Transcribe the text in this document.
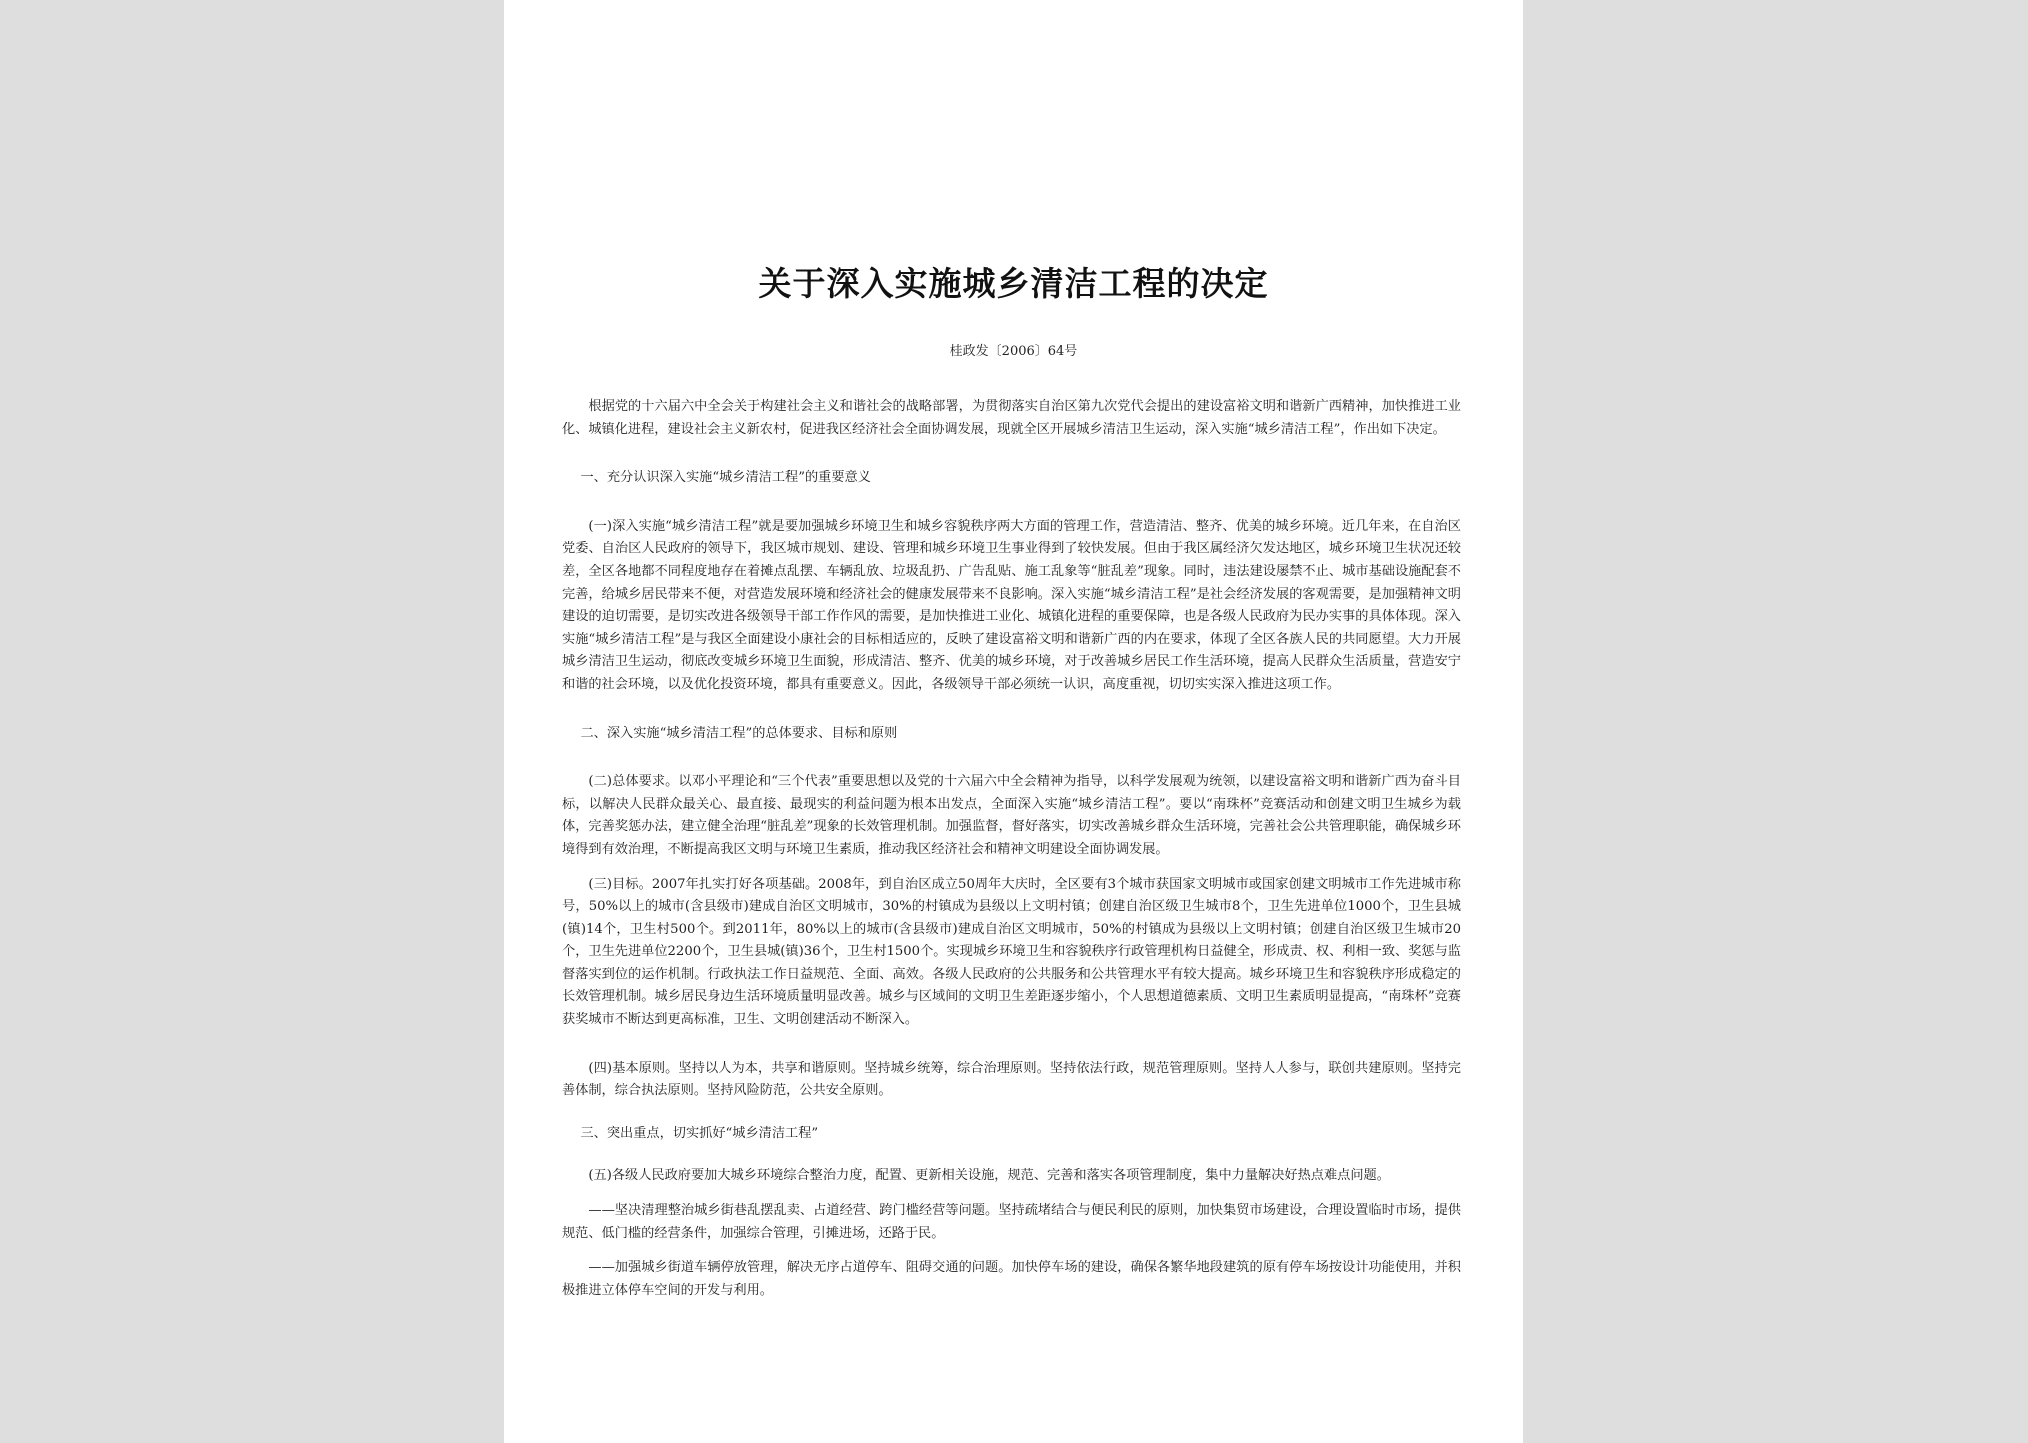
关于深入实施城乡清洁工程的决定
桂政发〔2006〕64号

根据党的十六届六中全会关于构建社会主义和谐社会的战略部署，为贯彻落实自治区第九次党代会提出的建设富裕文明和谐新广西精神，加快推进工业化、城镇化进程，建设社会主义新农村，促进我区经济社会全面协调发展，现就全区开展城乡清洁卫生运动，深入实施“城乡清洁工程”，作出如下决定。

一、充分认识深入实施“城乡清洁工程”的重要意义

(一)深入实施“城乡清洁工程”就是要加强城乡环境卫生和城乡容貌秩序两大方面的管理工作，营造清洁、整齐、优美的城乡环境。近几年来，在自治区党委、自治区人民政府的领导下，我区城市规划、建设、管理和城乡环境卫生事业得到了较快发展。但由于我区属经济欠发达地区，城乡环境卫生状况还较差，全区各地都不同程度地存在着摊点乱摆、车辆乱放、垃圾乱扔、广告乱贴、施工乱象等“脏乱差”现象。同时，违法建设屡禁不止、城市基础设施配套不完善，给城乡居民带来不便，对营造发展环境和经济社会的健康发展带来不良影响。深入实施“城乡清洁工程”是社会经济发展的客观需要，是加强精神文明建设的迫切需要，是切实改进各级领导干部工作作风的需要，是加快推进工业化、城镇化进程的重要保障，也是各级人民政府为民办实事的具体体现。深入实施“城乡清洁工程”是与我区全面建设小康社会的目标相适应的，反映了建设富裕文明和谐新广西的内在要求，体现了全区各族人民的共同愿望。大力开展城乡清洁卫生运动，彻底改变城乡环境卫生面貌，形成清洁、整齐、优美的城乡环境，对于改善城乡居民工作生活环境，提高人民群众生活质量，营造安宁和谐的社会环境，以及优化投资环境，都具有重要意义。因此，各级领导干部必须统一认识，高度重视，切切实实深入推进这项工作。

二、深入实施“城乡清洁工程”的总体要求、目标和原则

(二)总体要求。以邓小平理论和“三个代表”重要思想以及党的十六届六中全会精神为指导，以科学发展观为统领，以建设富裕文明和谐新广西为奋斗目标，以解决人民群众最关心、最直接、最现实的利益问题为根本出发点，全面深入实施“城乡清洁工程”。要以“南珠杯”竞赛活动和创建文明卫生城乡为载体，完善奖惩办法，建立健全治理“脏乱差”现象的长效管理机制。加强监督，督好落实，切实改善城乡群众生活环境，完善社会公共管理职能，确保城乡环境得到有效治理，不断提高我区文明与环境卫生素质，推动我区经济社会和精神文明建设全面协调发展。

(三)目标。2007年扎实打好各项基础。2008年，到自治区成立50周年大庆时，全区要有3个城市获国家文明城市或国家创建文明城市工作先进城市称号，50%以上的城市(含县级市)建成自治区文明城市，30%的村镇成为县级以上文明村镇；创建自治区级卫生城市8个，卫生先进单位1000个，卫生县城(镇)14个，卫生村500个。到2011年，80%以上的城市(含县级市)建成自治区文明城市，50%的村镇成为县级以上文明村镇；创建自治区级卫生城市20个，卫生先进单位2200个，卫生县城(镇)36个，卫生村1500个。实现城乡环境卫生和容貌秩序行政管理机构日益健全，形成责、权、利相一致、奖惩与监督落实到位的运作机制。行政执法工作日益规范、全面、高效。各级人民政府的公共服务和公共管理水平有较大提高。城乡环境卫生和容貌秩序形成稳定的长效管理机制。城乡居民身边生活环境质量明显改善。城乡与区域间的文明卫生差距逐步缩小，个人思想道德素质、文明卫生素质明显提高，“南珠杯”竞赛获奖城市不断达到更高标准，卫生、文明创建活动不断深入。

(四)基本原则。坚持以人为本，共享和谐原则。坚持城乡统筹，综合治理原则。坚持依法行政，规范管理原则。坚持人人参与，联创共建原则。坚持完善体制，综合执法原则。坚持风险防范，公共安全原则。

三、突出重点，切实抓好“城乡清洁工程”

(五)各级人民政府要加大城乡环境综合整治力度，配置、更新相关设施，规范、完善和落实各项管理制度，集中力量解决好热点难点问题。

——坚决清理整治城乡街巷乱摆乱卖、占道经营、跨门槛经营等问题。坚持疏堵结合与便民利民的原则，加快集贸市场建设，合理设置临时市场，提供规范、低门槛的经营条件，加强综合管理，引摊进场，还路于民。

——加强城乡街道车辆停放管理，解决无序占道停车、阻碍交通的问题。加快停车场的建设，确保各繁华地段建筑的原有停车场按设计功能使用，并积极推进立体停车空间的开发与利用。
